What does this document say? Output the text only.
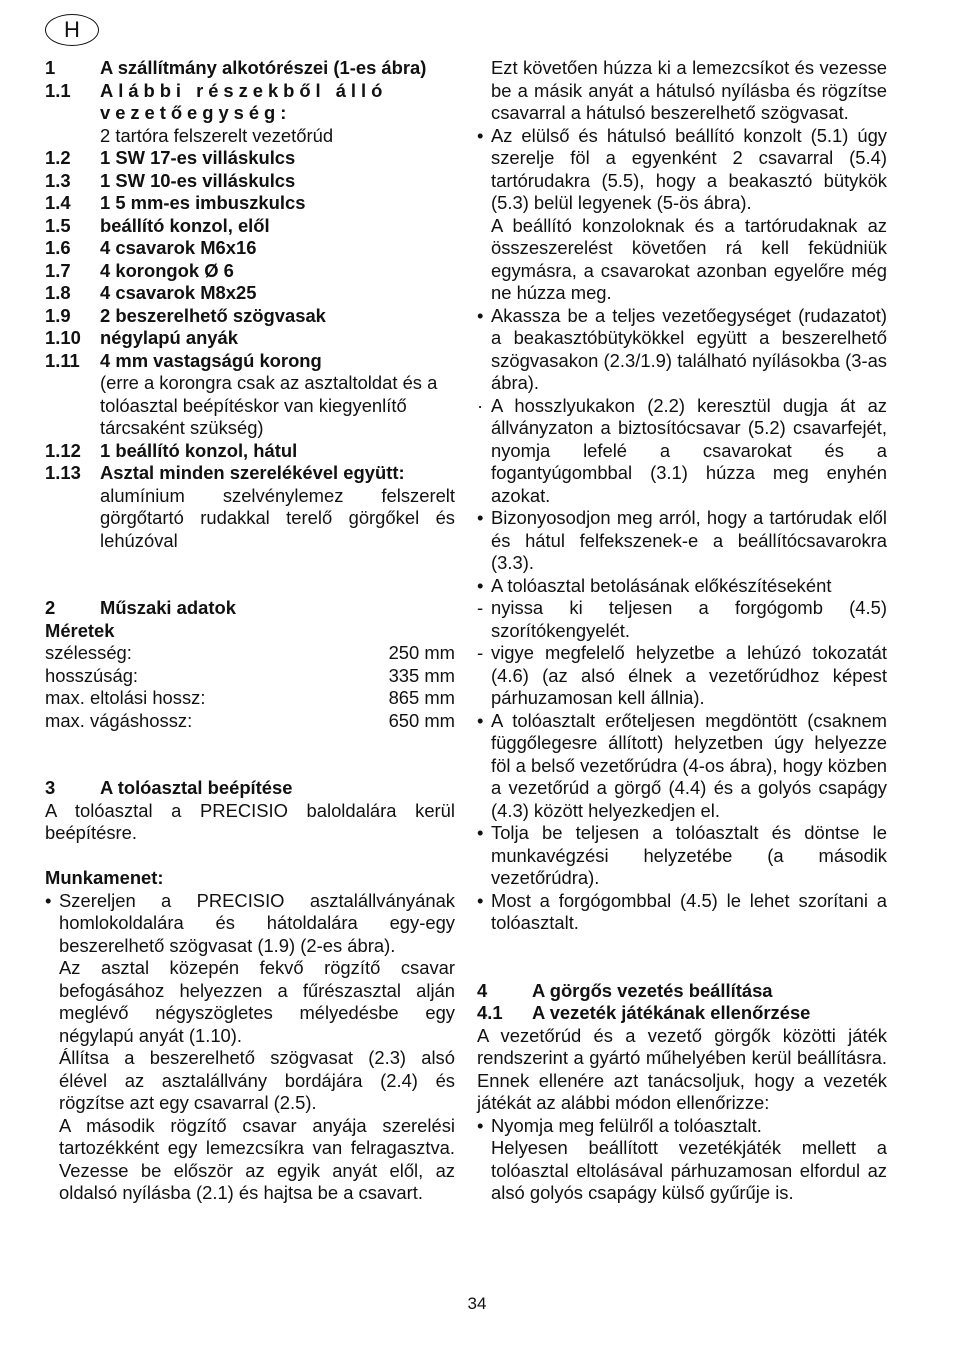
H
1	A szállítmány alkotórészei (1-es ábra)
1.1	Alábbi részekből álló vezetőegység:
2 tartóra felszerelt vezetőrúd
1.2	1 SW 17-es villáskulcs
1.3	1 SW 10-es villáskulcs
1.4	1 5 mm-es imbuszkulcs
1.5	beállító konzol, elől
1.6	4 csavarok M6x16
1.7	4 korongok Ø 6
1.8	4 csavarok M8x25
1.9	2 beszerelhető szögvasak
1.10	négylapú anyák
1.11	4 mm vastagságú korong
(erre a korongra csak az asztaltoldat és a tolóasztal beépítéskor van kiegyenlítő tárcsaként szükség)
1.12	1 beállító konzol, hátul
1.13	Asztal minden szerelékével együtt:

alumínium szelvénylemez felszerelt görgőtartó rudakkal terelő görgőkel és lehúzóval
2	Műszaki adatok
Méretek
szélesség:	250 mm
hosszúság:	335 mm
max. eltolási hossz:	865 mm
max. vágáshossz:	650 mm
3	A tolóasztal beépítése

A tolóasztal a PRECISIO baloldalára kerül beépítésre.

Munkamenet:
• Szereljen a PRECISIO asztalállványának homlokoldalára és hátoldalára egy-egy beszerelhető szögvasat (1.9) (2-es ábra).

Az asztal közepén fekvő rögzítő csavar befogásához helyezzen a fűrészasztal alján meglévő négyszögletes mélyedésbe egy négylapú anyát (1.10).

Állítsa a beszerelhető szögvasat (2.3) alsó élével az asztalállvány bordájára (2.4) és rögzítse azt egy csavarral (2.5).

A második rögzítő csavar anyája szerelési tartozékként egy lemezcsíkra van felragasztva. Vezesse be először az egyik anyát elől, az oldalsó nyílásba (2.1) és hajtsa be a csavart.

Ezt követően húzza ki a lemezcsíkot és vezesse be a másik anyát a hátulsó nyílásba és rögzítse csavarral a hátulsó beszerelhető szögvasat.

• Az elülső és hátulsó beállító konzolt (5.1) úgy szerelje föl a egyenként 2 csavarral (5.4) tartórudakra (5.5), hogy a beakasztó bütykök (5.3) belül legyenek (5-ös ábra).

A beállító konzoloknak és a tartórudaknak az összeszerelést követően rá kell feküdniük egymásra, a csavarokat azonban egyelőre még ne húzza meg.

• Akassza be a teljes vezetőegységet (rudazatot) a beakasztóbütykökkel együtt a beszerelhető szögvasakon (2.3/1.9) található nyílásokba (3-as ábra).
· A hosszlyukakon (2.2) keresztül dugja át az állványzaton a biztosítócsavar (5.2) csavarfejét, nyomja lefelé a csavarokat és a fogantyúgombbal (3.1) húzza meg enyhén azokat.
• Bizonyosodjon meg arról, hogy a tartórudak elől és hátul felfekszenek-e a beállítócsavarokra (3.3).
• A tolóasztal betolásának előkészítéseként
- nyissa ki teljesen a forgógomb (4.5) szorítókengyelét.
- vigye megfelelő helyzetbe a lehúzó tokozatát (4.6) (az alsó élnek a vezetőrúdhoz képest párhuzamosan kell állnia).
• A tolóasztalt erőteljesen megdöntött (csaknem függőlegesre állított) helyzetben úgy helyezze föl a belső vezetőrúdra (4-os ábra), hogy közben a vezetőrúd a görgő (4.4) és a golyós csapágy (4.3) között helyezkedjen el.
• Tolja be teljesen a tolóasztalt és döntse le munkavégzési helyzetébe (a második vezetőrúdra).
• Most a forgógombbal (4.5) le lehet szorítani a tolóasztalt.
4	A görgős vezetés beállítása
4.1	A vezeték játékának ellenőrzése

A vezetőrúd és a vezető görgők közötti játék rendszerint a gyártó műhelyében kerül beállításra. Ennek ellenére azt tanácsoljuk, hogy a vezeték játékát az alábbi módon ellenőrizze:

• Nyomja meg felülről a tolóasztalt.

Helyesen beállított vezetékjáték mellett a tolóasztal eltolásával párhuzamosan elfordul az alsó golyós csapágy külső gyűrűje is.

34
